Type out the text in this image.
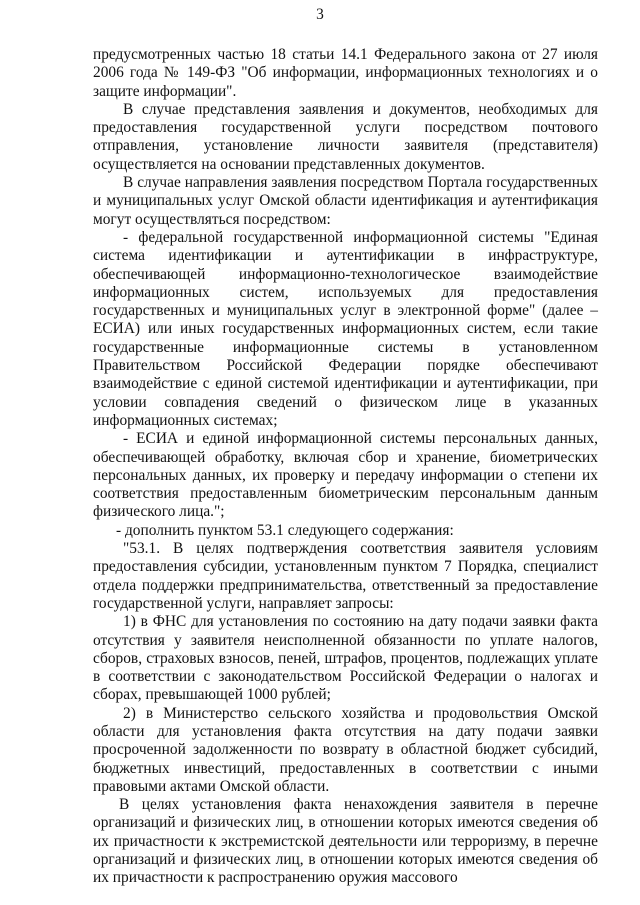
3

предусмотренных частью 18 статьи 14.1 Федерального закона от 27 июля 2006 года № 149-ФЗ "Об информации, информационных технологиях и о защите информации".

В случае представления заявления и документов, необходимых для предоставления государственной услуги посредством почтового отправления, установление личности заявителя (представителя) осуществляется на основании представленных документов.

В случае направления заявления посредством Портала государственных и муниципальных услуг Омской области идентификация и аутентификация могут осуществляться посредством:

- федеральной государственной информационной системы "Единая система идентификации и аутентификации в инфраструктуре, обеспечивающей информационно-технологическое взаимодействие информационных систем, используемых для предоставления государственных и муниципальных услуг в электронной форме" (далее – ЕСИА) или иных государственных информационных систем, если такие государственные информационные системы в установленном Правительством Российской Федерации порядке обеспечивают взаимодействие с единой системой идентификации и аутентификации, при условии совпадения сведений о физическом лице в указанных информационных системах;

- ЕСИА и единой информационной системы персональных данных, обеспечивающей обработку, включая сбор и хранение, биометрических персональных данных, их проверку и передачу информации о степени их соответствия предоставленным биометрическим персональным данным физического лица.";

- дополнить пунктом 53.1 следующего содержания:

"53.1. В целях подтверждения соответствия заявителя условиям предоставления субсидии, установленным пунктом 7 Порядка, специалист отдела поддержки предпринимательства, ответственный за предоставление государственной услуги, направляет запросы:

1) в ФНС для установления по состоянию на дату подачи заявки факта отсутствия у заявителя неисполненной обязанности по уплате налогов, сборов, страховых взносов, пеней, штрафов, процентов, подлежащих уплате в соответствии с законодательством Российской Федерации о налогах и сборах, превышающей 1000 рублей;

2) в Министерство сельского хозяйства и продовольствия Омской области для установления факта отсутствия на дату подачи заявки просроченной задолженности по возврату в областной бюджет субсидий, бюджетных инвестиций, предоставленных в соответствии с иными правовыми актами Омской области.

В целях установления факта ненахождения заявителя в перечне организаций и физических лиц, в отношении которых имеются сведения об их причастности к экстремистской деятельности или терроризму, в перечне организаций и физических лиц, в отношении которых имеются сведения об их причастности к распространению оружия массового
